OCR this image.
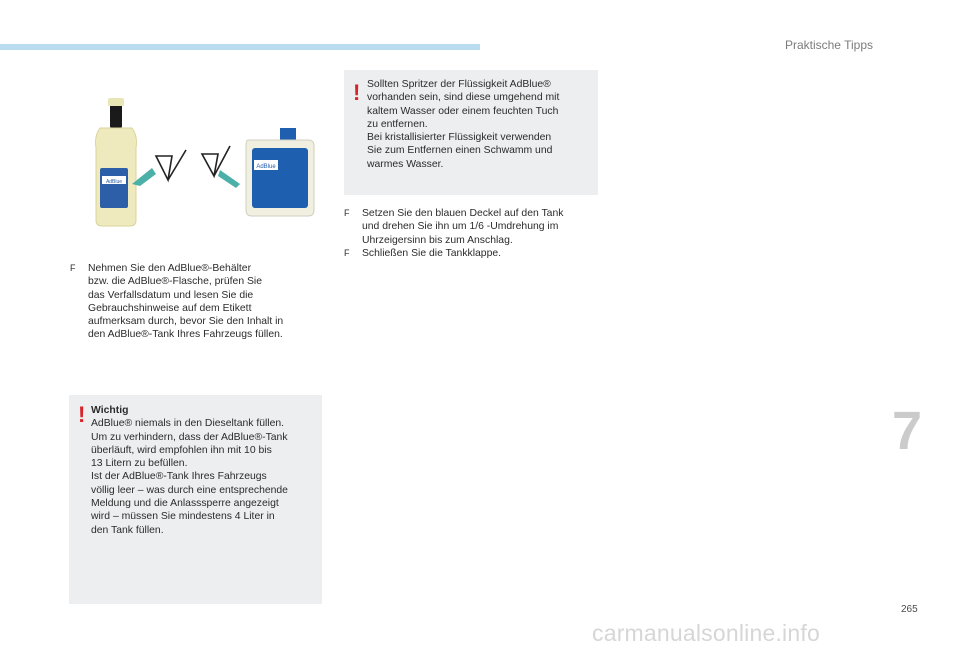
Praktische Tipps
AdBlue
AdBlue
F Nehmen Sie den AdBlue®-Behälter

bzw. die AdBlue®-Flasche, prüfen Sie

das Verfallsdatum und lesen Sie die

Gebrauchshinweise auf dem Etikett

aufmerksam durch, bevor Sie den Inhalt in

den AdBlue®-Tank Ihres Fahrzeugs füllen.

! Wichtig

AdBlue® niemals in den Dieseltank füllen.

Um zu verhindern, dass der AdBlue®-Tank

überläuft, wird empfohlen ihn mit 10 bis

13 Litern zu befüllen.

Ist der AdBlue®-Tank Ihres Fahrzeugs

völlig leer – was durch eine entsprechende

Meldung und die Anlasssperre angezeigt

wird – müssen Sie mindestens 4 Liter in

den Tank füllen.

! Sollten Spritzer der Flüssigkeit AdBlue®

vorhanden sein, sind diese umgehend mit

kaltem Wasser oder einem feuchten Tuch

zu entfernen.

Bei kristallisierter Flüssigkeit verwenden

Sie zum Entfernen einen Schwamm und

warmes Wasser.

F Setzen Sie den blauen Deckel auf den Tank

und drehen Sie ihn um 1/6 -Umdrehung im

Uhrzeigersinn bis zum Anschlag.

F Schließen Sie die Tankklappe.

7
265
carmanualsonline.info
